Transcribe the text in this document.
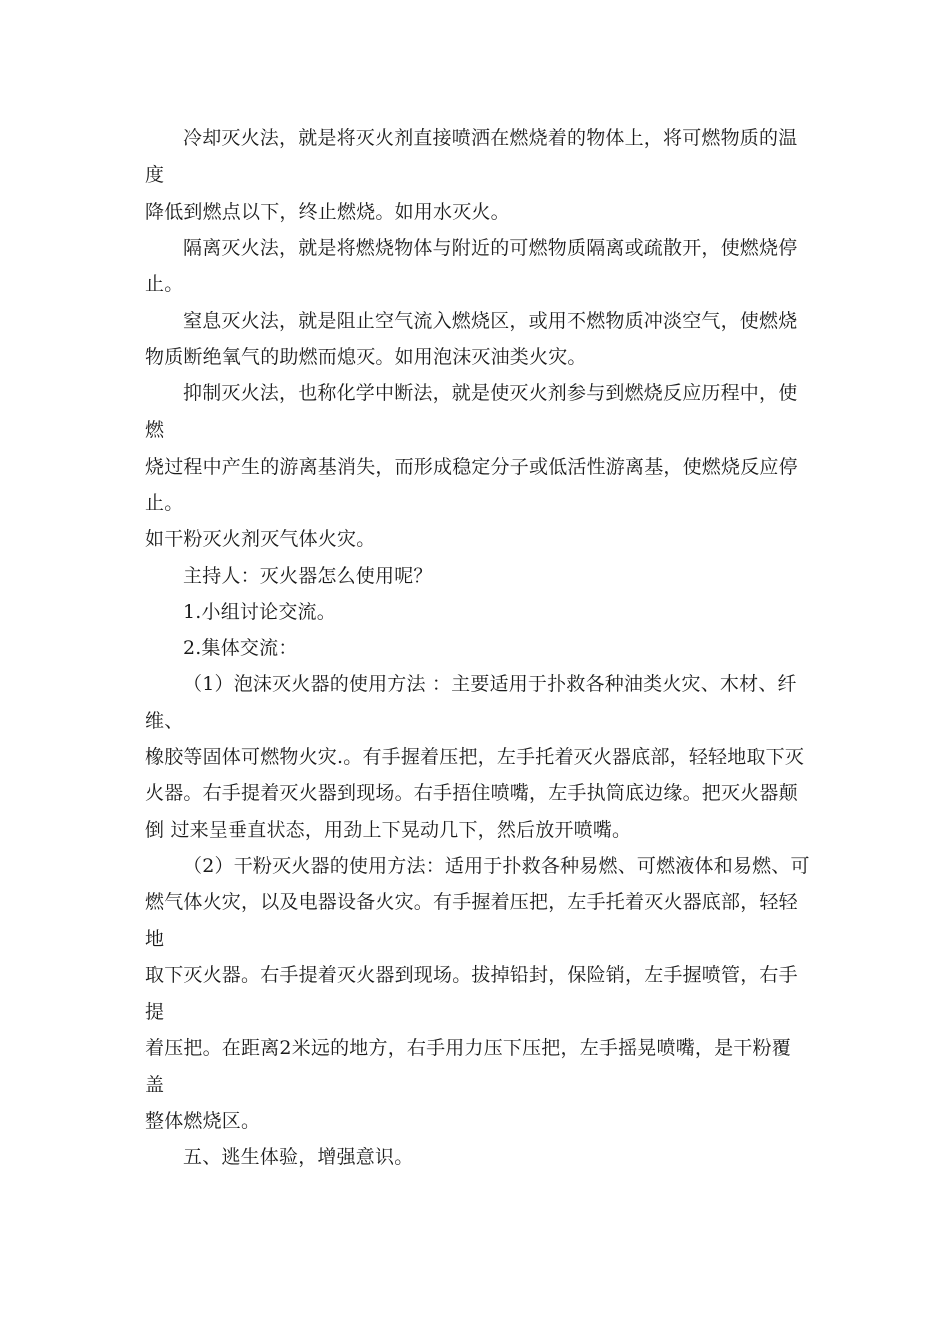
冷却灭火法，就是将灭火剂直接喷洒在燃烧着的物体上，将可燃物质的温
度
降低到燃点以下，终止燃烧。如用水灭火。
隔离灭火法，就是将燃烧物体与附近的可燃物质隔离或疏散开，使燃烧停
止。
窒息灭火法，就是阻止空气流入燃烧区，或用不燃物质冲淡空气，使燃烧
物质断绝氧气的助燃而熄灭。如用泡沫灭油类火灾。
抑制灭火法，也称化学中断法，就是使灭火剂参与到燃烧反应历程中，使
燃
烧过程中产生的游离基消失，而形成稳定分子或低活性游离基，使燃烧反应停
止。
如干粉灭火剂灭气体火灾。
主持人：灭火器怎么使用呢？
1.小组讨论交流。
2.集体交流：
（1）泡沫灭火器的使用方法 ：主要适用于扑救各种油类火灾、木材、纤
维、
橡胶等固体可燃物火灾.。有手握着压把，左手托着灭火器底部，轻轻地取下灭
火器。右手提着灭火器到现场。右手捂住喷嘴，左手执筒底边缘。把灭火器颠
倒 过来呈垂直状态，用劲上下晃动几下，然后放开喷嘴。
（2）干粉灭火器的使用方法：适用于扑救各种易燃、可燃液体和易燃、可
燃气体火灾，以及电器设备火灾。有手握着压把，左手托着灭火器底部，轻轻
地
取下灭火器。右手提着灭火器到现场。拔掉铅封，保险销，左手握喷管，右手
提
着压把。在距离2米远的地方，右手用力压下压把，左手摇晃喷嘴，是干粉覆
盖
整体燃烧区。
五、逃生体验，增强意识。
